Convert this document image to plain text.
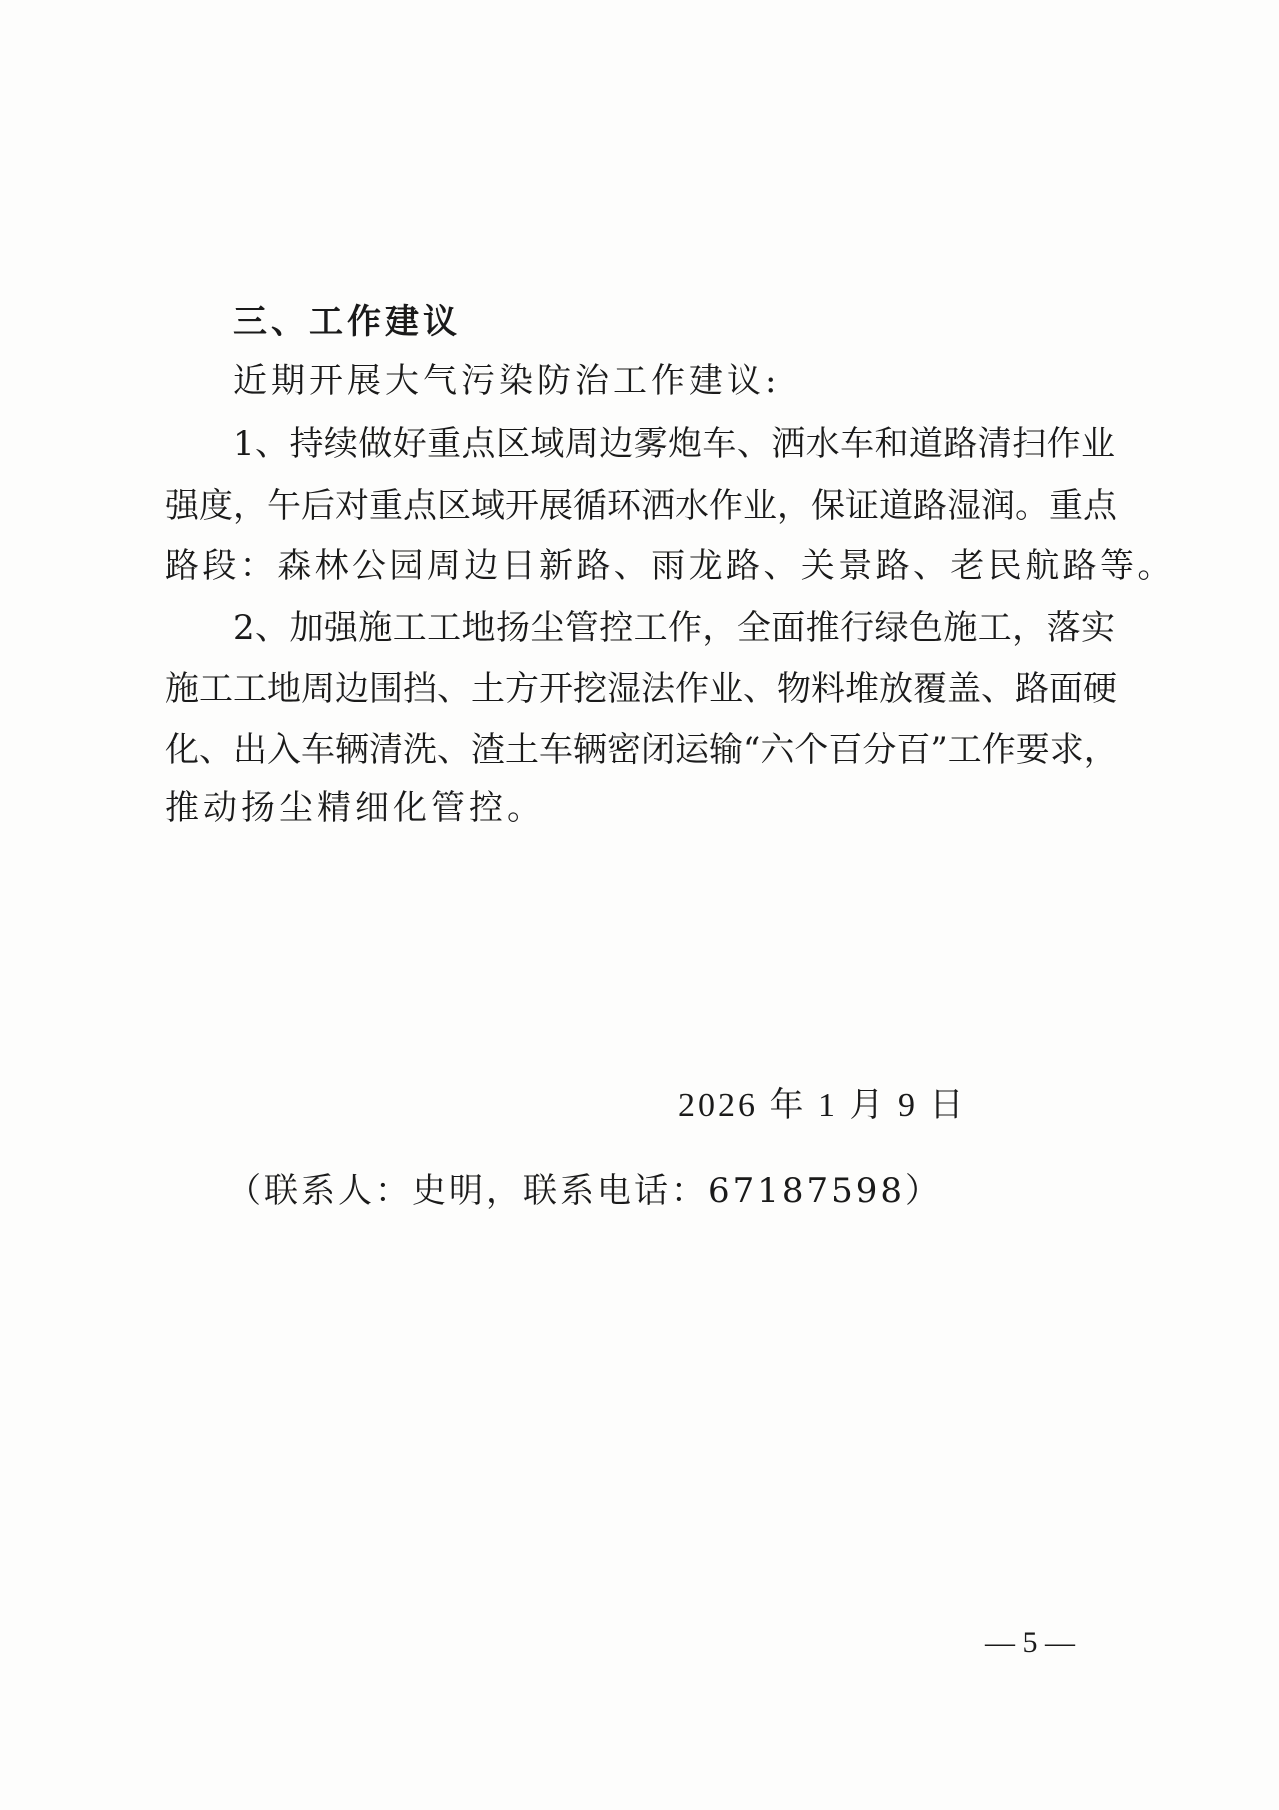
三、工作建议
近期开展大气污染防治工作建议:
1、持续做好重点区域周边雾炮车、洒水车和道路清扫作业
强度，午后对重点区域开展循环洒水作业，保证道路湿润。重点
路段：森林公园周边日新路、雨龙路、关景路、老民航路等。
2、加强施工工地扬尘管控工作，全面推行绿色施工，落实
施工工地周边围挡、土方开挖湿法作业、物料堆放覆盖、路面硬
化、出入车辆清洗、渣土车辆密闭运输“六个百分百”工作要求，
推动扬尘精细化管控。
2026 年 1 月 9 日
（联系人：史明，联系电话：67187598）
— 5 —
